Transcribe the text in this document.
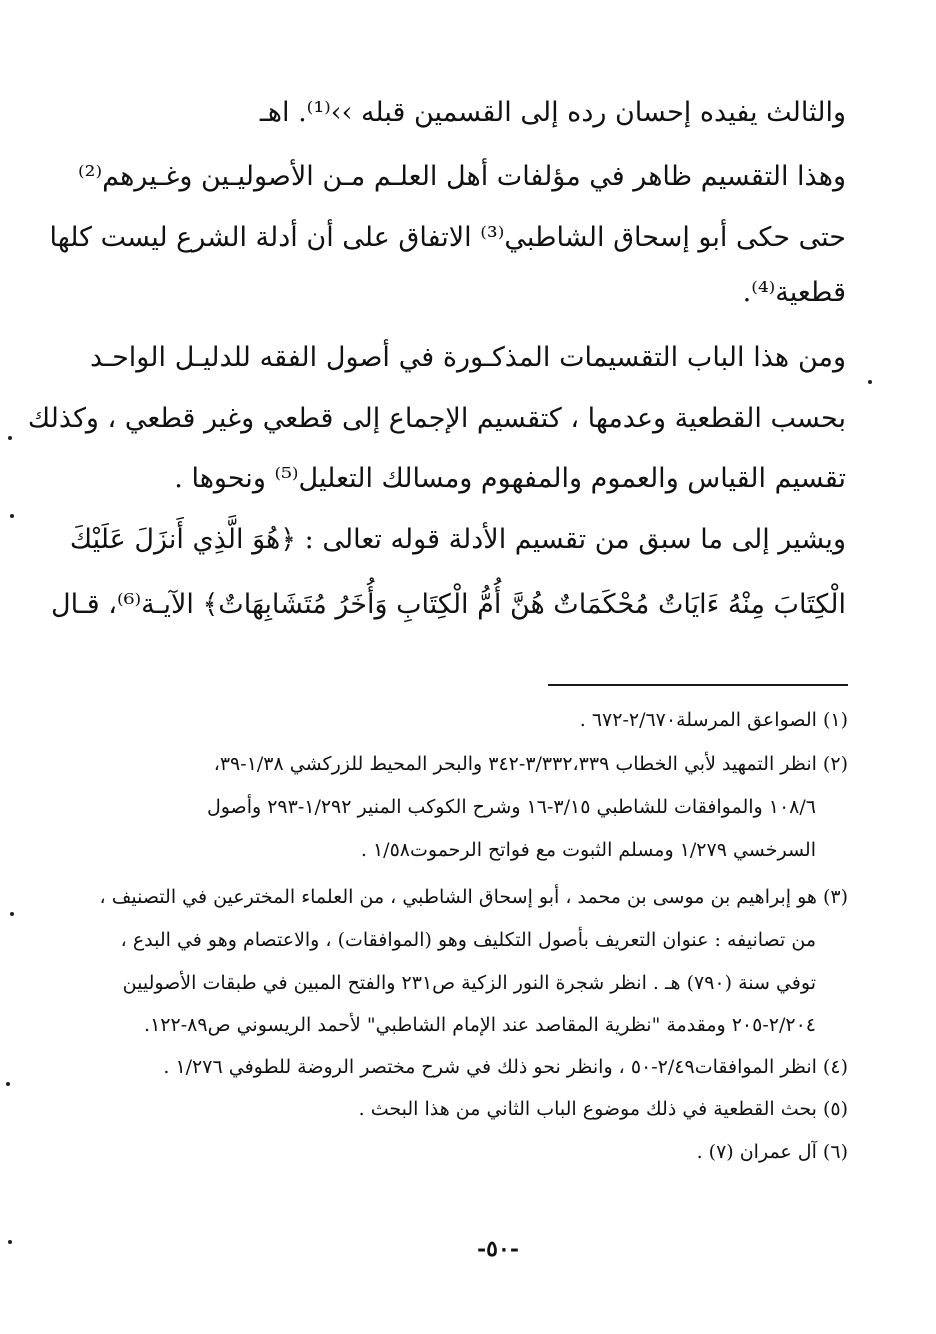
والثالث يفيده إحسان رده إلى القسمين قبله ››⁽¹⁾. اهـ
وهذا التقسيم ظاهر في مؤلفات أهل العلـم مـن الأصوليـين وغـيرهم⁽²⁾
حتى حكى أبو إسحاق الشاطبي⁽³⁾ الاتفاق على أن أدلة الشرع ليست كلها
قطعية⁽⁴⁾.
ومن هذا الباب التقسيمات المذكـورة في أصول الفقه للدليـل الواحـد
بحسب القطعية وعدمها ، كتقسيم الإجماع إلى قطعي وغير قطعي ، وكذلك
تقسيم القياس والعموم والمفهوم ومسالك التعليل⁽⁵⁾ ونحوها .
ويشير إلى ما سبق من تقسيم الأدلة قوله تعالى : ﴿هُوَ الَّذِي أَنزَلَ عَلَيْكَ
الْكِتَابَ مِنْهُ ءَايَاتٌ مُحْكَمَاتٌ هُنَّ أُمُّ الْكِتَابِ وَأُخَرُ مُتَشَابِهَاتٌ﴾ الآيـة⁽⁶⁾، قـال
(١) الصواعق المرسلة٢/٦٧٠-٦٧٢ .
(٢) انظر التمهيد لأبي الخطاب ٣/٣٣٢،٣٣٩-٣٤٢ والبحر المحيط للزركشي ١/٣٨-٣٩،
١٠٨/٦ والموافقات للشاطبي ٣/١٥-١٦ وشرح الكوكب المنير ١/٢٩٢-٢٩٣ وأصول
السرخسي ١/٢٧٩ ومسلم الثبوت مع فواتح الرحموت١/٥٨ .
(٣) هو إبراهيم بن موسى بن محمد ، أبو إسحاق الشاطبي ، من العلماء المخترعين في التصنيف ،
من تصانيفه : عنوان التعريف بأصول التكليف وهو (الموافقات) ، والاعتصام وهو في البدع ،
توفي سنة (٧٩٠) هـ . انظر شجرة النور الزكية ص٢٣١ والفتح المبين في طبقات الأصوليين
٢/٢٠٤-٢٠٥ ومقدمة "نظرية المقاصد عند الإمام الشاطبي" لأحمد الريسوني ص٨٩-١٢٢.
(٤) انظر الموافقات٢/٤٩-٥٠ ، وانظر نحو ذلك في شرح مختصر الروضة للطوفي ١/٢٧٦ .
(٥) بحث القطعية في ذلك موضوع الباب الثاني من هذا البحث .
(٦) آل عمران (٧) .
-٥٠-
